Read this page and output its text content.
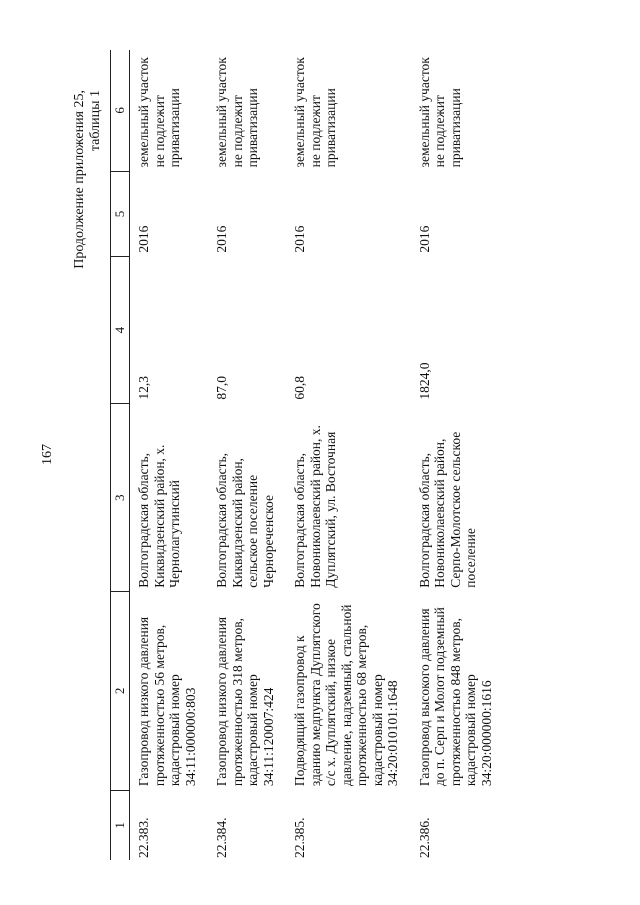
167
Продолжение приложения 25, таблицы 1
1	2	3	4	5	6
22.383.	Газопровод низкого давления протяженностью 56 метров, кадастровый номер 34:11:000000:803	Волгоградская область, Киквидзенский район, х. Чернолагутинский	12,3	2016	земельный участок не подлежит приватизации
22.384.	Газопровод низкого давления протяженностью 318 метров, кадастровый номер 34:11:120007:424	Волгоградская область, Киквидзенский район, сельское поселение Чернореченское	87,0	2016	земельный участок не подлежит приватизации
22.385.	Подводящий газопровод к зданию медпункта Дуплятского с/с х. Дуплятский, низкое давление, надземный, стальной протяженностью 68 метров, кадастровый номер 34:20:010101:1648	Волгоградская область, Новониколаевский район, х. Дуплятский, ул. Восточная	60,8	2016	земельный участок не подлежит приватизации
22.386.	Газопровод высокого давления до п. Серп и Молот подземный протяженностью 848 метров, кадастровый номер 34:20:000000:1616	Волгоградская область, Новониколаевский район, Серпо-Молотское сельское поселение	1824,0	2016	земельный участок не подлежит приватизации
